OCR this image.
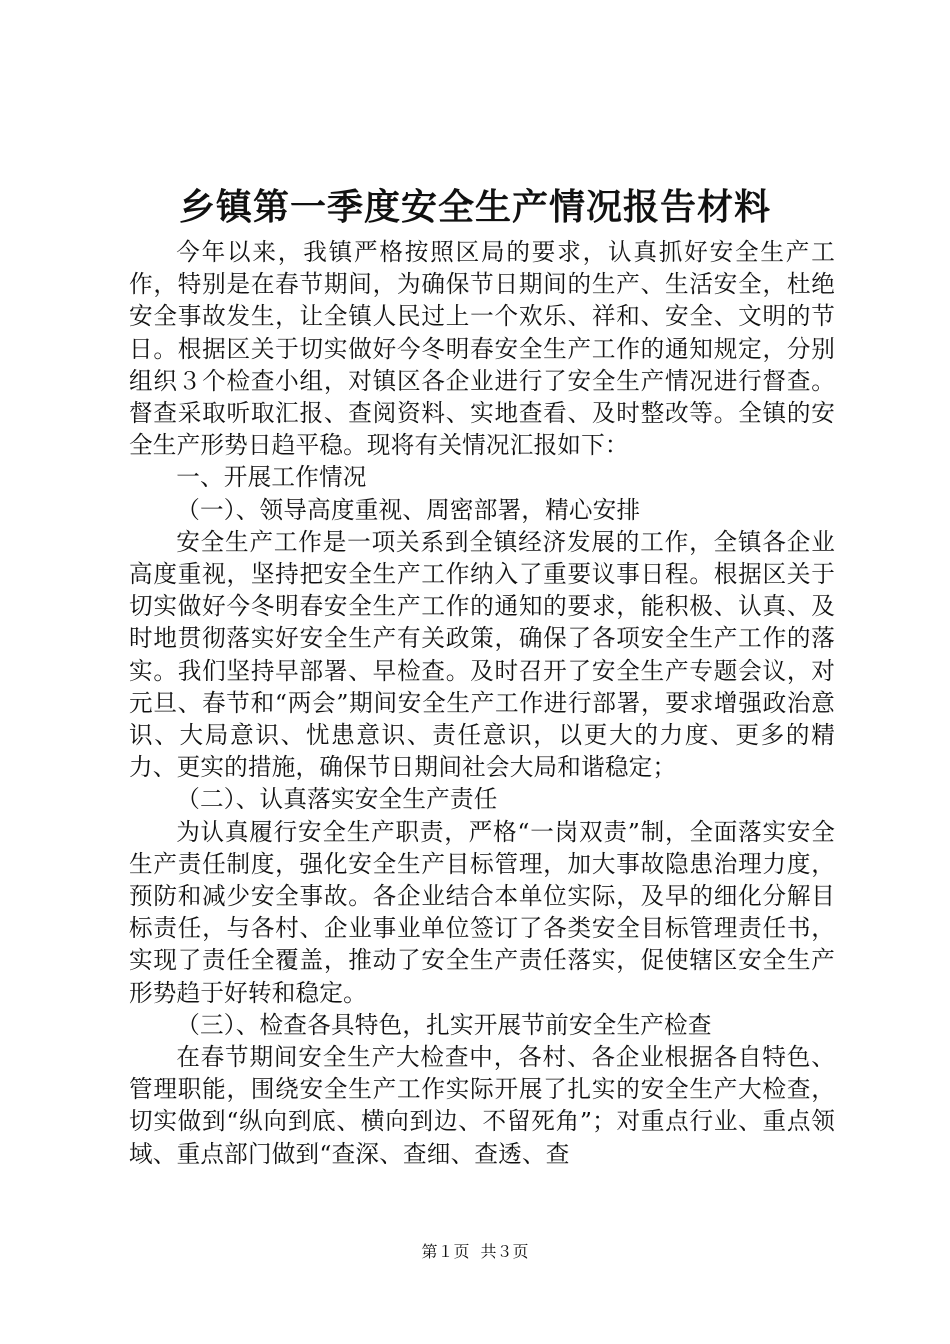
乡镇第一季度安全生产情况报告材料

今年以来，我镇严格按照区局的要求，认真抓好安全生产工作，特别是在春节期间，为确保节日期间的生产、生活安全，杜绝安全事故发生，让全镇人民过上一个欢乐、祥和、安全、文明的节日。根据区关于切实做好今冬明春安全生产工作的通知规定，分别组织３个检查小组，对镇区各企业进行了安全生产情况进行督查。督查采取听取汇报、查阅资料、实地查看、及时整改等。全镇的安全生产形势日趋平稳。现将有关情况汇报如下：

一、开展工作情况

（一）、领导高度重视、周密部署，精心安排

安全生产工作是一项关系到全镇经济发展的工作，全镇各企业高度重视，坚持把安全生产工作纳入了重要议事日程。根据区关于切实做好今冬明春安全生产工作的通知的要求，能积极、认真、及时地贯彻落实好安全生产有关政策，确保了各项安全生产工作的落实。我们坚持早部署、早检查。及时召开了安全生产专题会议，对元旦、春节和“两会”期间安全生产工作进行部署，要求增强政治意识、大局意识、忧患意识、责任意识，以更大的力度、更多的精力、更实的措施，确保节日期间社会大局和谐稳定；

（二）、认真落实安全生产责任

为认真履行安全生产职责，严格“一岗双责”制，全面落实安全生产责任制度，强化安全生产目标管理，加大事故隐患治理力度，预防和减少安全事故。各企业结合本单位实际，及早的细化分解目标责任，与各村、企业事业单位签订了各类安全目标管理责任书，实现了责任全覆盖，推动了安全生产责任落实，促使辖区安全生产形势趋于好转和稳定。

（三）、检查各具特色，扎实开展节前安全生产检查

在春节期间安全生产大检查中，各村、各企业根据各自特色、管理职能，围绕安全生产工作实际开展了扎实的安全生产大检查，切实做到“纵向到底、横向到边、不留死角”；对重点行业、重点领域、重点部门做到“查深、查细、查透、查

第１页 共３页
